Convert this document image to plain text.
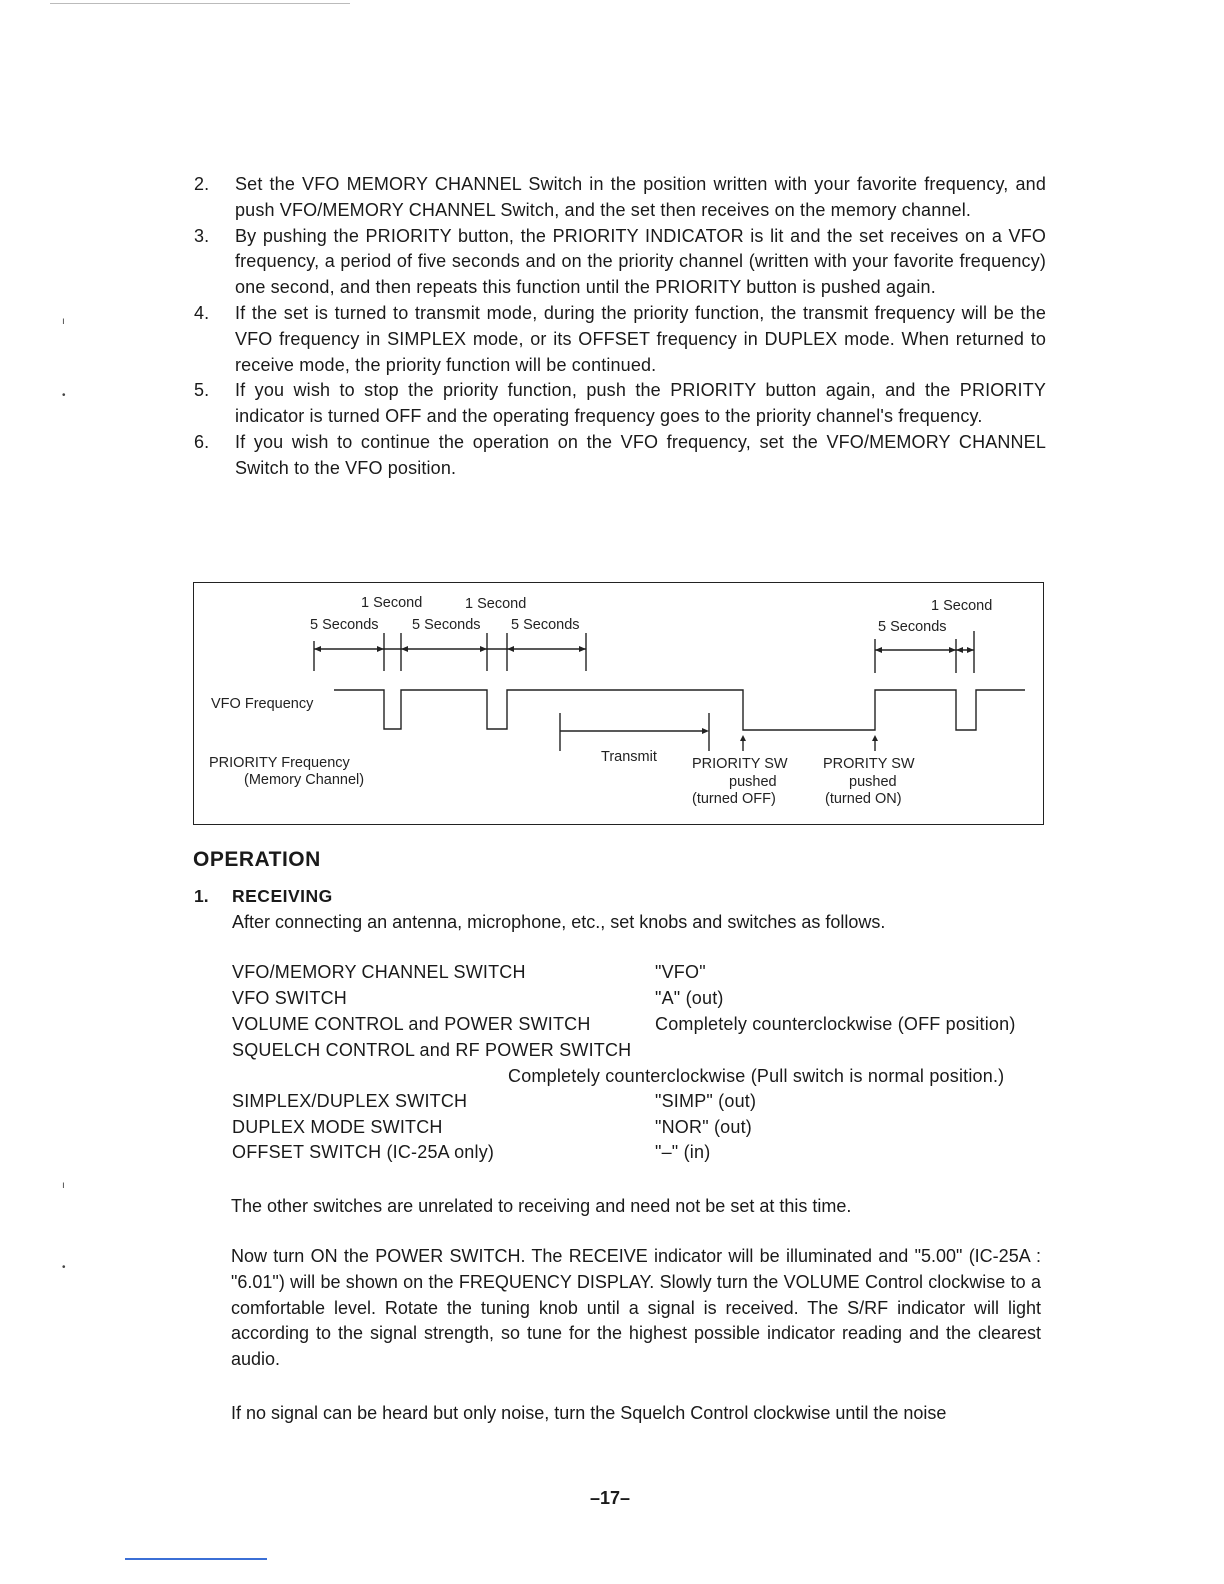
ı
•
ı
•
2. Set the VFO MEMORY CHANNEL Switch in the position written with your favorite frequency, and push VFO/MEMORY CHANNEL Switch, and the set then receives on the memory channel.
3. By pushing the PRIORITY button, the PRIORITY INDICATOR is lit and the set receives on a VFO frequency, a period of five seconds and on the priority channel (written with your favorite frequency) one second, and then repeats this function until the PRIORITY button is pushed again.
4. If the set is turned to transmit mode, during the priority function, the transmit frequency will be the VFO frequency in SIMPLEX mode, or its OFFSET frequency in DUPLEX mode. When returned to receive mode, the priority function will be continued.
5. If you wish to stop the priority function, push the PRIORITY button again, and the PRIORITY indicator is turned OFF and the operating frequency goes to the priority channel's frequency.
6. If you wish to continue the operation on the VFO frequency, set the VFO/MEMORY CHANNEL Switch to the VFO position.
1 Second	1 Second	1 Second
5 Seconds 5 Seconds 5 Seconds	5 Seconds
VFO Frequency
PRIORITY Frequency
(Memory Channel)
Transmit PRIORITY SW
pushed
(turned OFF)
PRORITY SW
pushed
(turned ON)
OPERATION
1. RECEIVING
After connecting an antenna, microphone, etc., set knobs and switches as follows.
VFO/MEMORY CHANNEL SWITCH	"VFO"
VFO SWITCH	"A" (out)
VOLUME CONTROL and POWER SWITCH	Completely counterclockwise (OFF position)
SQUELCH CONTROL and RF POWER SWITCH
Completely counterclockwise (Pull switch is normal position.)
SIMPLEX/DUPLEX SWITCH	"SIMP" (out)
DUPLEX MODE SWITCH	"NOR" (out)
OFFSET SWITCH (IC-25A only)	"–" (in)

The other switches are unrelated to receiving and need not be set at this time.

Now turn ON the POWER SWITCH. The RECEIVE indicator will be illuminated and "5.00" (IC-25A : "6.01") will be shown on the FREQUENCY DISPLAY. Slowly turn the VOLUME Control clockwise to a comfortable level. Rotate the tuning knob until a signal is received. The S/RF indicator will light according to the signal strength, so tune for the highest possible indicator reading and the clearest audio.

If no signal can be heard but only noise, turn the Squelch Control clockwise until the noise

–17–
